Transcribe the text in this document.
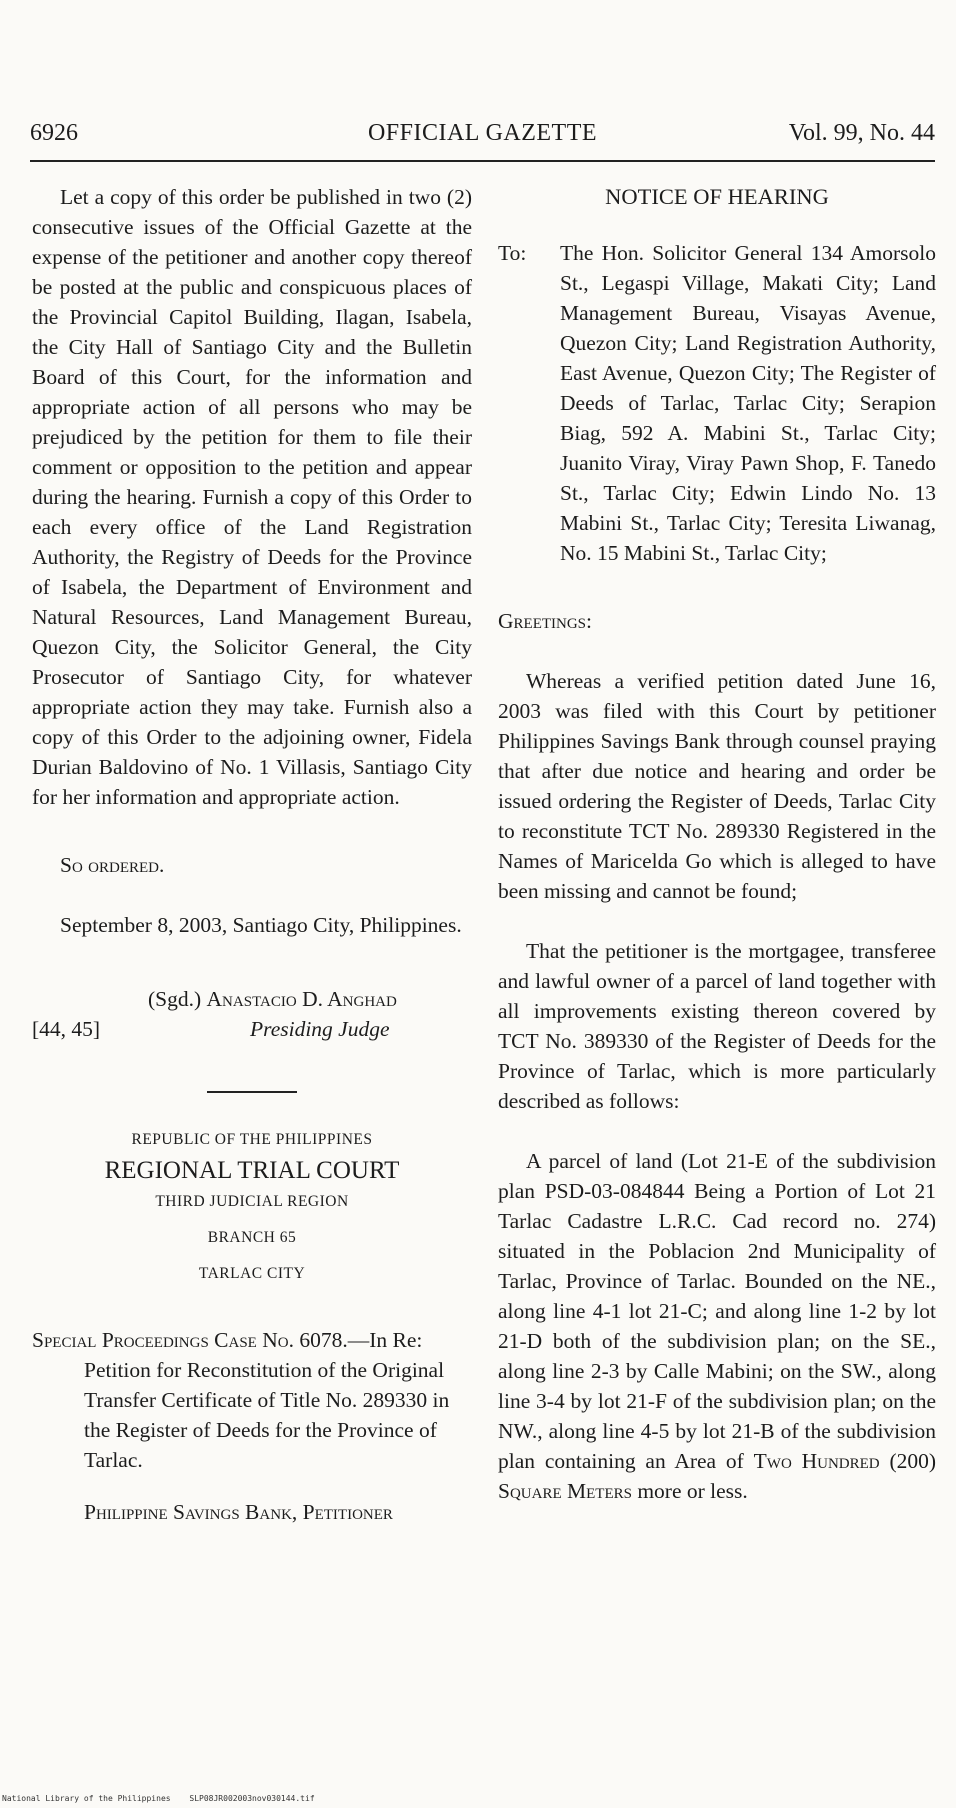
6926	OFFICIAL GAZETTE	Vol. 99, No. 44

Let a copy of this order be published in two (2) consecutive issues of the Official Gazette at the expense of the petitioner and another copy thereof be posted at the public and conspicuous places of the Provincial Capitol Building, Ilagan, Isabela, the City Hall of Santiago City and the Bulletin Board of this Court, for the information and appropriate action of all persons who may be prejudiced by the petition for them to file their comment or opposition to the petition and appear during the hearing. Furnish a copy of this Order to each every office of the Land Registration Authority, the Registry of Deeds for the Province of Isabela, the Department of Environment and Natural Resources, Land Management Bureau, Quezon City, the Solicitor General, the City Prosecutor of Santiago City, for whatever appropriate action they may take. Furnish also a copy of this Order to the adjoining owner, Fidela Durian Baldovino of No. 1 Villasis, Santiago City for her information and appropriate action.

So ordered.

September 8, 2003, Santiago City, Philippines.

(Sgd.) Anastacio D. Anghad
[44, 45]	Presiding Judge
REPUBLIC OF THE PHILIPPINES
REGIONAL TRIAL COURT
THIRD JUDICIAL REGION
BRANCH 65
TARLAC CITY
Special Proceedings Case No. 6078.—In Re:
Petition for Reconstitution of the Original Transfer Certificate of Title No. 289330 in the Register of Deeds for the Province of Tarlac.
Philippine Savings Bank, Petitioner
NOTICE OF HEARING
To:	The Hon. Solicitor General 134 Amorsolo St., Legaspi Village, Makati City; Land Management Bureau, Visayas Avenue, Quezon City; Land Registration Authority, East Avenue, Quezon City; The Register of Deeds of Tarlac, Tarlac City; Serapion Biag, 592 A. Mabini St., Tarlac City; Juanito Viray, Viray Pawn Shop, F. Tanedo St., Tarlac City; Edwin Lindo No. 13 Mabini St., Tarlac City; Teresita Liwanag, No. 15 Mabini St., Tarlac City;

Greetings:

Whereas a verified petition dated June 16, 2003 was filed with this Court by petitioner Philippines Savings Bank through counsel praying that after due notice and hearing and order be issued ordering the Register of Deeds, Tarlac City to reconstitute TCT No. 289330 Registered in the Names of Maricelda Go which is alleged to have been missing and cannot be found;

That the petitioner is the mortgagee, transferee and lawful owner of a parcel of land together with all improvements existing thereon covered by TCT No. 389330 of the Register of Deeds for the Province of Tarlac, which is more particularly described as follows:

A parcel of land (Lot 21-E of the subdivision plan PSD-03-084844 Being a Portion of Lot 21 Tarlac Cadastre L.R.C. Cad record no. 274) situated in the Poblacion 2nd Municipality of Tarlac, Province of Tarlac. Bounded on the NE., along line 4-1 lot 21-C; and along line 1-2 by lot 21-D both of the subdivision plan; on the SE., along line 2-3 by Calle Mabini; on the SW., along line 3-4 by lot 21-F of the subdivision plan; on the NW., along line 4-5 by lot 21-B of the subdivision plan containing an Area of Two Hundred (200) Square Meters more or less.

National Library of the Philippines SLP08JR002003nov030144.tif
